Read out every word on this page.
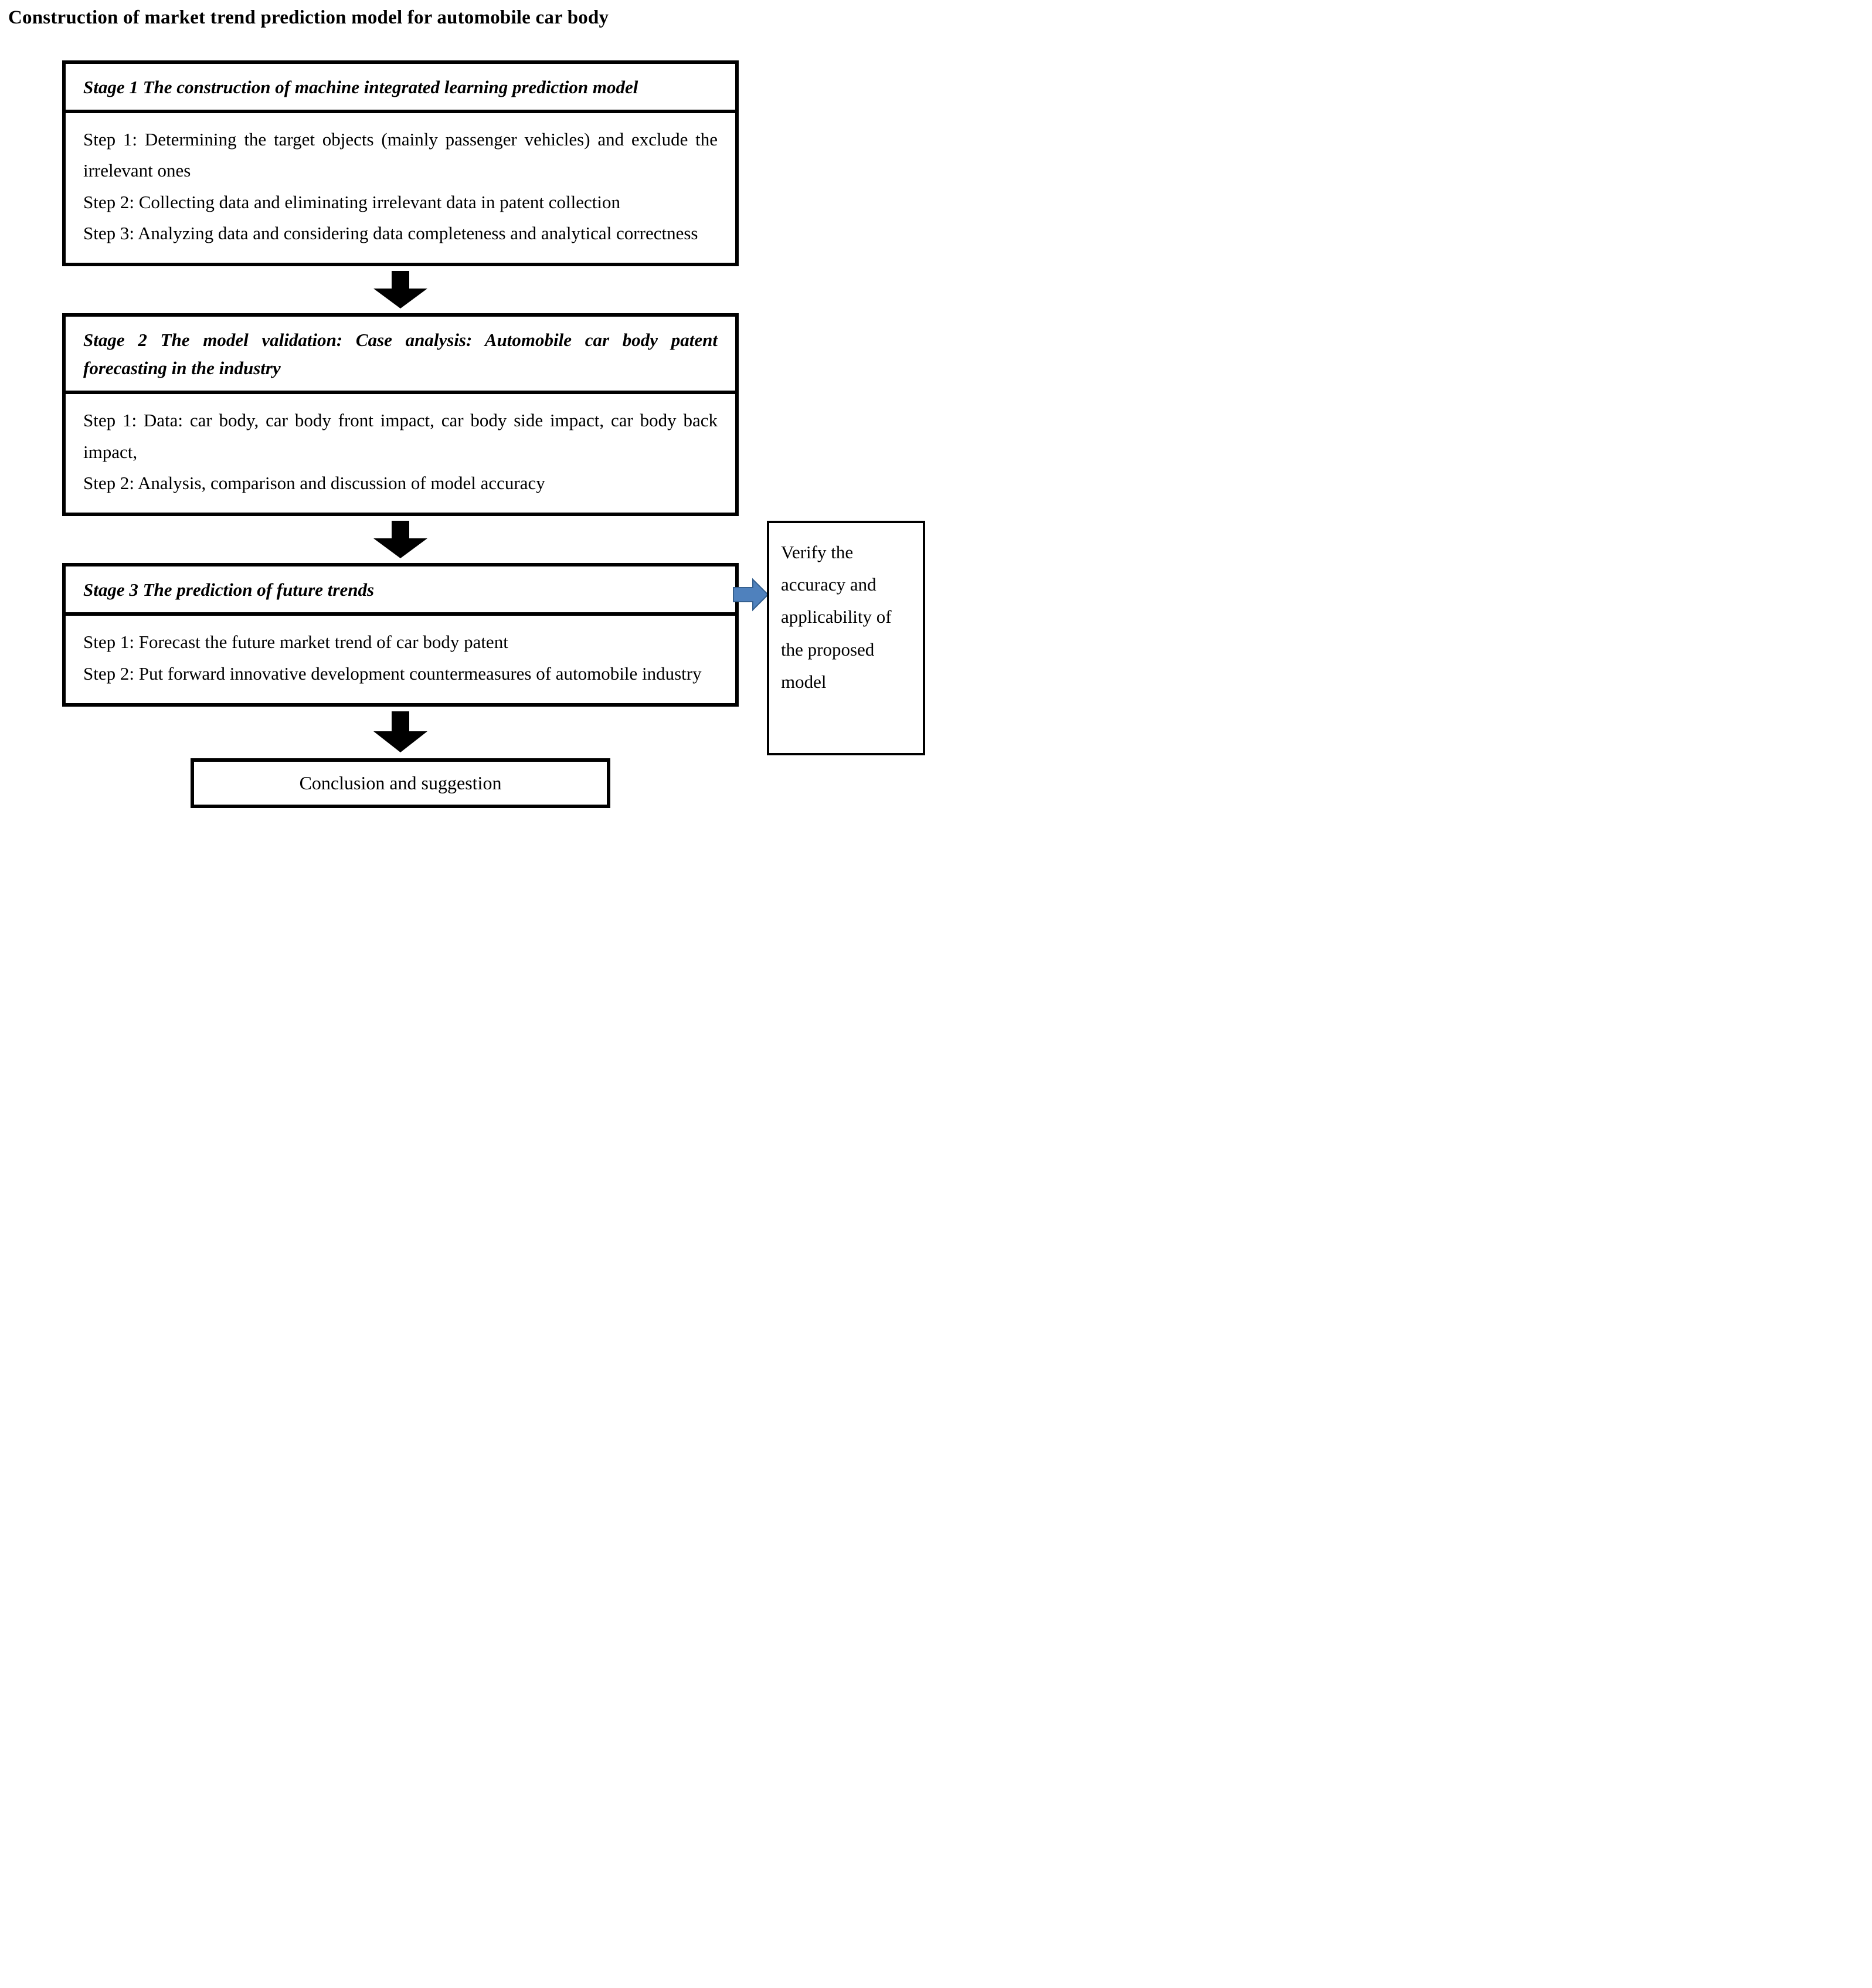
Construction of market trend prediction model for automobile car body
Stage 1 The construction of machine integrated learning prediction model

Step 1: Determining the target objects (mainly passenger vehicles) and exclude the irrelevant ones

Step 2: Collecting data and eliminating irrelevant data in patent collection

Step 3: Analyzing data and considering data completeness and analytical correctness

Stage 2 The model validation: Case analysis: Automobile car body patent forecasting in the industry

Step 1: Data: car body, car body front impact, car body side impact, car body back impact,

Step 2: Analysis, comparison and discussion of model accuracy

Stage 3 The prediction of future trends

Step 1: Forecast the future market trend of car body patent

Step 2: Put forward innovative development countermeasures of automobile industry

Conclusion and suggestion
Verify the accuracy and applicability of the proposed model
